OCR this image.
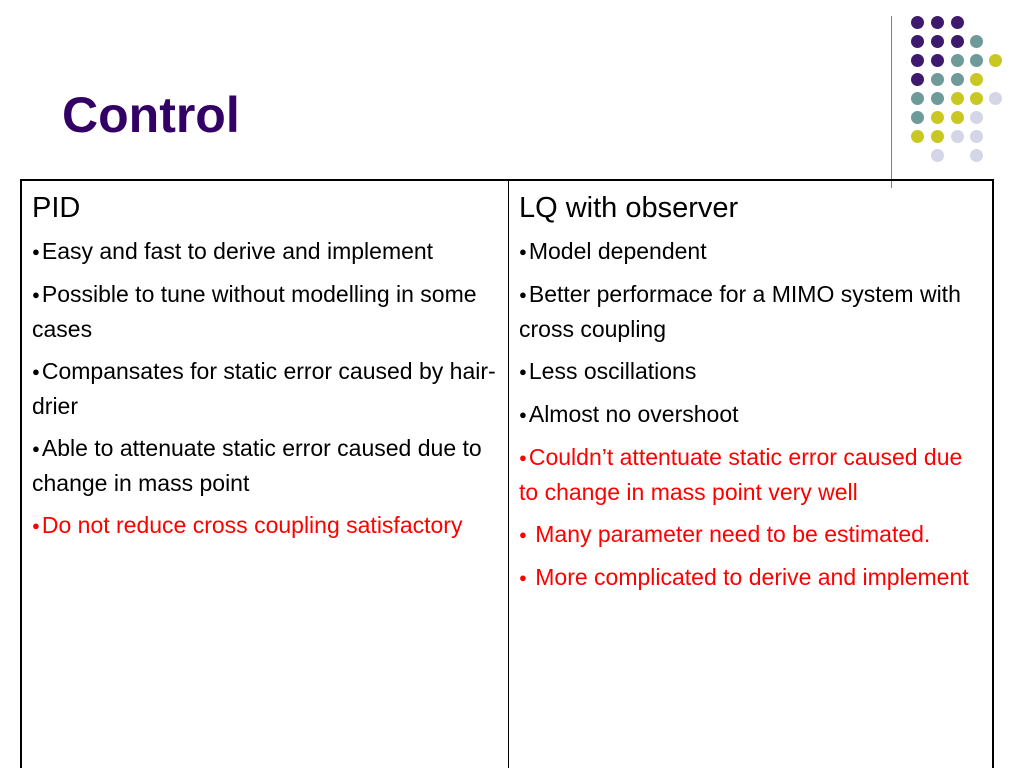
Control
PID
●Easy and fast to derive and implement
●Possible to tune without modelling in some cases
●Compansates for static error caused by hair-drier
●Able to attenuate static error caused due to change in mass point
●Do not reduce cross coupling satisfactory
LQ with observer
●Model dependent
●Better performace for a MIMO system with cross coupling
●Less oscillations
●Almost no overshoot
●Couldn’t attentuate static error caused due to change in mass point very well
● Many parameter need to be estimated.
● More complicated to derive and implement
